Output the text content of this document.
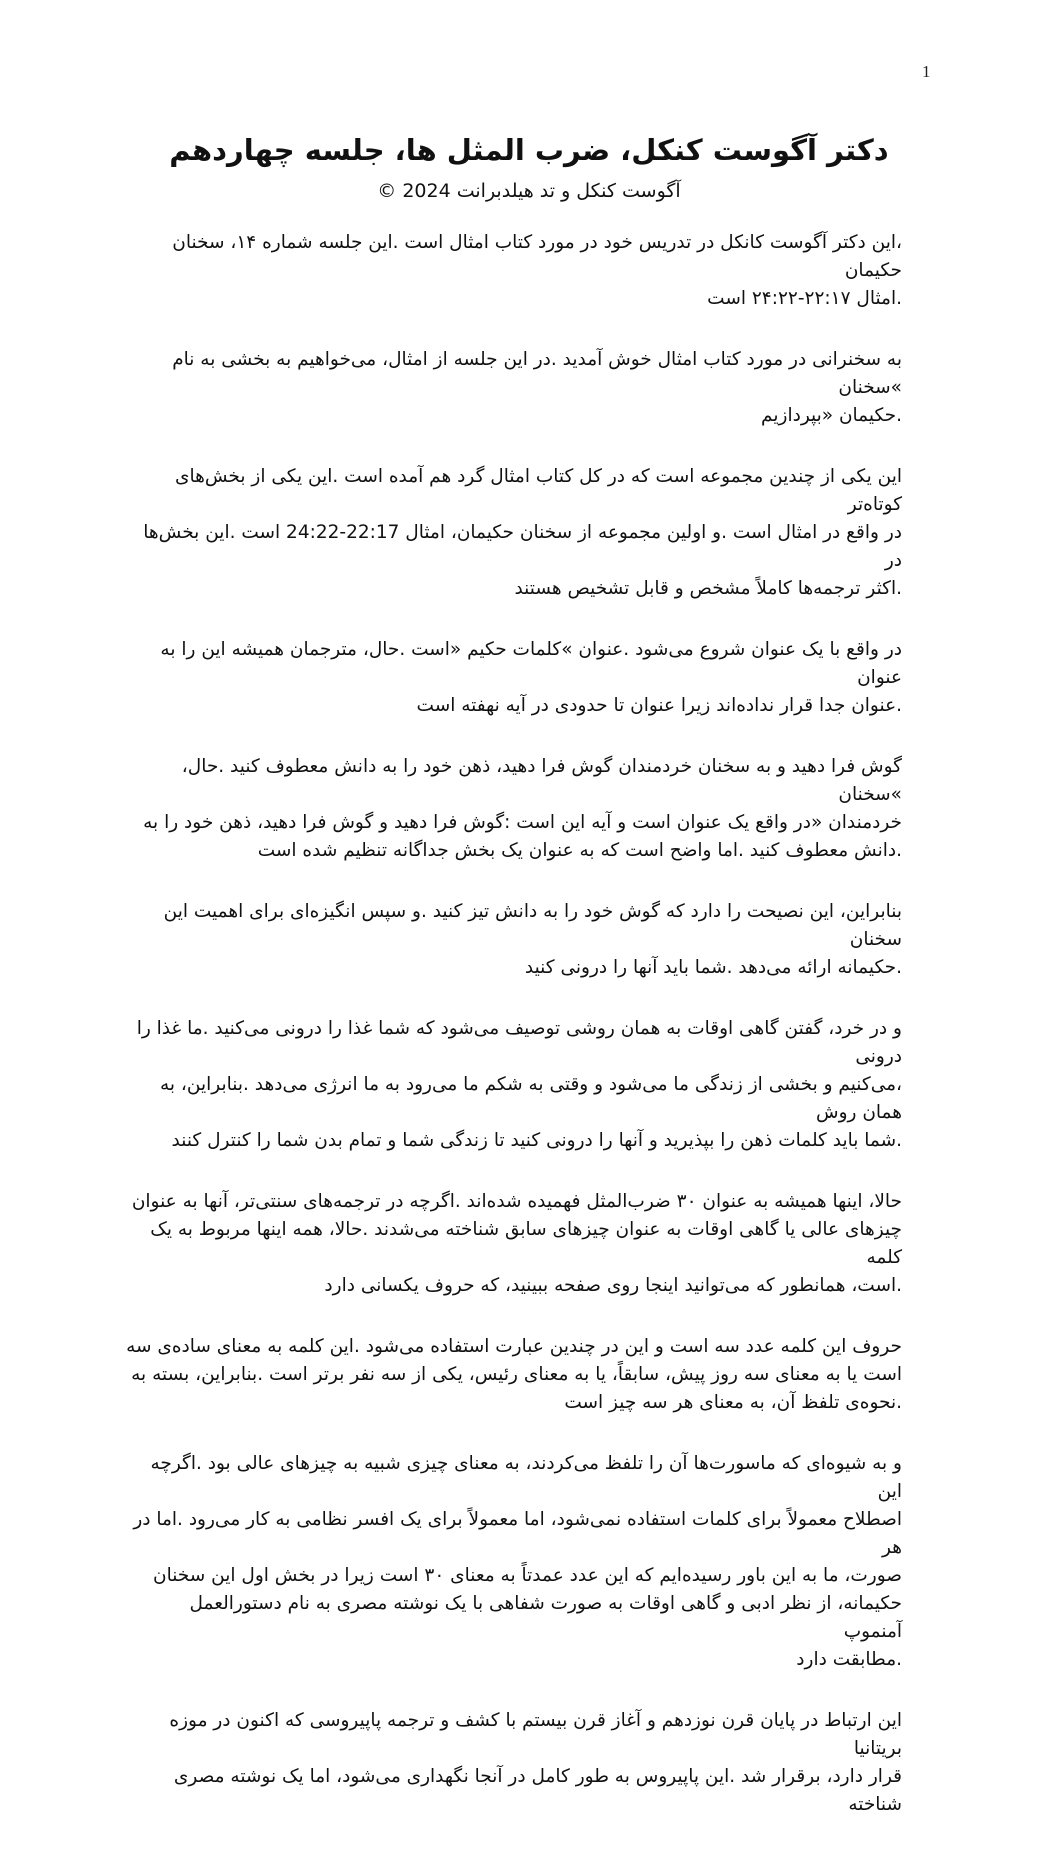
1
دکتر آگوست کنکل، ضرب المثل ها، جلسه چهاردهم
آگوست کنکل و تد هیلدبرانت 2024 ©

،این دکتر آگوست کانکل در تدریس خود در مورد کتاب امثال است .این جلسه شماره ۱۴، سخنان حکیمان
.امثال ۲۲:۱۷-۲۴:۲۲ است

به سخنرانی در مورد کتاب امثال خوش آمدید .در این جلسه از امثال، می‌خواهیم به بخشی به نام »سخنان
.حکیمان «بپردازیم

این یکی از چندین مجموعه است که در کل کتاب امثال گرد هم آمده است .این یکی از بخش‌های کوتاه‌تر
در واقع در امثال است .و اولین مجموعه از سخنان حکیمان، امثال 22:17-24:22 است .این بخش‌ها در
.اکثر ترجمه‌ها کاملاً مشخص و قابل تشخیص هستند

در واقع با یک عنوان شروع می‌شود .عنوان »کلمات حکیم «است .حال، مترجمان همیشه این را به عنوان
.عنوان جدا قرار نداده‌اند زیرا عنوان تا حدودی در آیه نهفته است

گوش فرا دهید و به سخنان خردمندان گوش فرا دهید، ذهن خود را به دانش معطوف کنید .حال، »سخنان
خردمندان «در واقع یک عنوان است و آیه این است :گوش فرا دهید و گوش فرا دهید، ذهن خود را به
.دانش معطوف کنید .اما واضح است که به عنوان یک بخش جداگانه تنظیم شده است

بنابراین، این نصیحت را دارد که گوش خود را به دانش تیز کنید .و سپس انگیزه‌ای برای اهمیت این سخنان
.حکیمانه ارائه می‌دهد .شما باید آنها را درونی کنید

و در خرد، گفتن گاهی اوقات به همان روشی توصیف می‌شود که شما غذا را درونی می‌کنید .ما غذا را درونی
،می‌کنیم و بخشی از زندگی ما می‌شود و وقتی به شکم ما می‌رود به ما انرژی می‌دهد .بنابراین، به همان روش
.شما باید کلمات ذهن را بپذیرید و آنها را درونی کنید تا زندگی شما و تمام بدن شما را کنترل کنند

حالا، اینها همیشه به عنوان ۳۰ ضرب‌المثل فهمیده شده‌اند .اگرچه در ترجمه‌های سنتی‌تر، آنها به عنوان
چیزهای عالی یا گاهی اوقات به عنوان چیزهای سابق شناخته می‌شدند .حالا، همه اینها مربوط به یک کلمه
.است، همانطور که می‌توانید اینجا روی صفحه ببینید، که حروف یکسانی دارد

حروف این کلمه عدد سه است و این در چندین عبارت استفاده می‌شود .این کلمه به معنای ساده‌ی سه
است یا به معنای سه روز پیش، سابقاً، یا به معنای رئیس، یکی از سه نفر برتر است .بنابراین، بسته به
.نحوه‌ی تلفظ آن، به معنای هر سه چیز است

و به شیوه‌ای که ماسورت‌ها آن را تلفظ می‌کردند، به معنای چیزی شبیه به چیزهای عالی بود .اگرچه این
اصطلاح معمولاً برای کلمات استفاده نمی‌شود، اما معمولاً برای یک افسر نظامی به کار می‌رود .اما در هر
صورت، ما به این باور رسیده‌ایم که این عدد عمدتاً به معنای ۳۰ است زیرا در بخش اول این سخنان
حکیمانه، از نظر ادبی و گاهی اوقات به صورت شفاهی با یک نوشته مصری به نام دستورالعمل آمنموپ
.مطابقت دارد

این ارتباط در پایان قرن نوزدهم و آغاز قرن بیستم با کشف و ترجمه پاپیروسی که اکنون در موزه بریتانیا
قرار دارد، برقرار شد .این پاپیروس به طور کامل در آنجا نگهداری می‌شود، اما یک نوشته مصری شناخته
